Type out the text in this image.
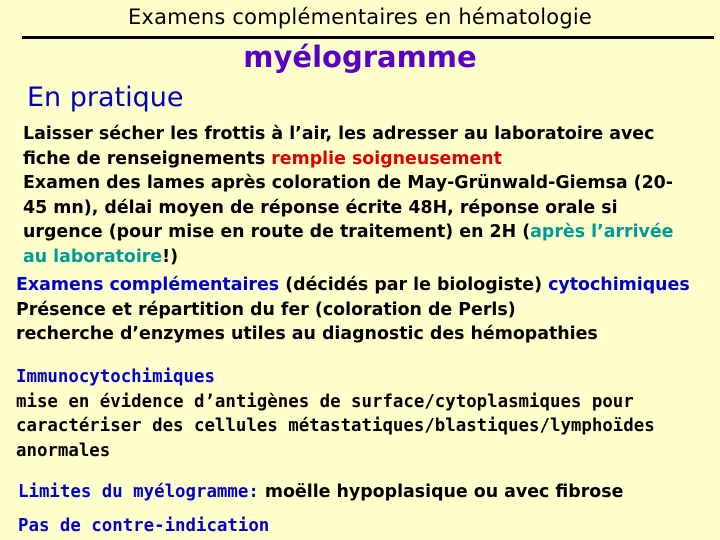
Examens complémentaires en hématologie
myélogramme
En pratique
Laisser sécher les frottis à l’air, les adresser au laboratoire avec
fiche de renseignements remplie soigneusement
Examen des lames après coloration de May-Grünwald-Giemsa (20-
45 mn), délai moyen de réponse écrite 48H, réponse orale si
urgence (pour mise en route de traitement) en 2H (après l’arrivée
au laboratoire!)
Examens complémentaires (décidés par le biologiste) cytochimiques
Présence et répartition du fer (coloration de Perls)
recherche d’enzymes utiles au diagnostic des hémopathies
Immunocytochimiques
mise en évidence d’antigènes de surface/cytoplasmiques pour
caractériser des cellules métastatiques/blastiques/lymphoïdes
anormales
Limites du myélogramme: moëlle hypoplasique ou avec fibrose
Pas de contre-indication
